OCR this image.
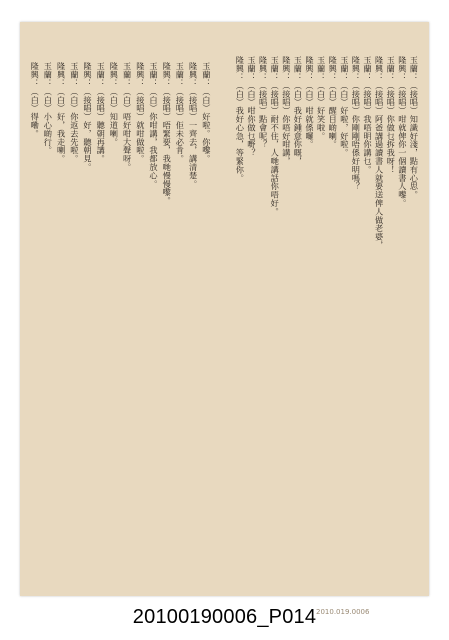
玉蘭：（接唱）知識好淺，點有心思。
隆興：（接唱）咁就俾你一個讀書人嚟。
玉蘭：（接唱）你做乜拆我呀！
隆興：（接唱）阿爸講過讀書人就要送俾人做老婆，
玉蘭：（接唱）我唔明你講乜。
隆興：（接唱）你剛剛唔係好明嗎？
玉蘭：（白）好啦，好啦。
隆興：（白）醒目啲喇。
玉蘭：（白）好笑啦。
隆興：（白）咁就係囉。
玉蘭：（白）我好鍾意你嘅，
隆興：（接唱）你唔好咁講，
玉蘭：（接唱）耐不住，人哋講話你唔好。
隆興：（接唱）點會呢？
玉蘭：（白）咁你做乜嘢？
隆興：（白）我好心急，等緊你。
玉蘭：（白）好啦。你嚟。
隆興：（接唱）一齊去，講清楚。
玉蘭：（接唱）佢未必肯。
隆興：（接唱）唔緊要，我哋慢慢嚟。
玉蘭：（白）你咁講，我都放心。
隆興：（接唱）就咁做啦。
玉蘭：（白）唔好咁大聲呀。
隆興：（白）知道喇。
玉蘭：（接唱）聽朝再講。
隆興：（接唱）好，聽朝見。
玉蘭：（白）你返去先啦。
隆興：（白）好，我走喇。
玉蘭：（白）小心啲行。
隆興：（白）得嘞。
2010.019.0006
20100190006_P014
